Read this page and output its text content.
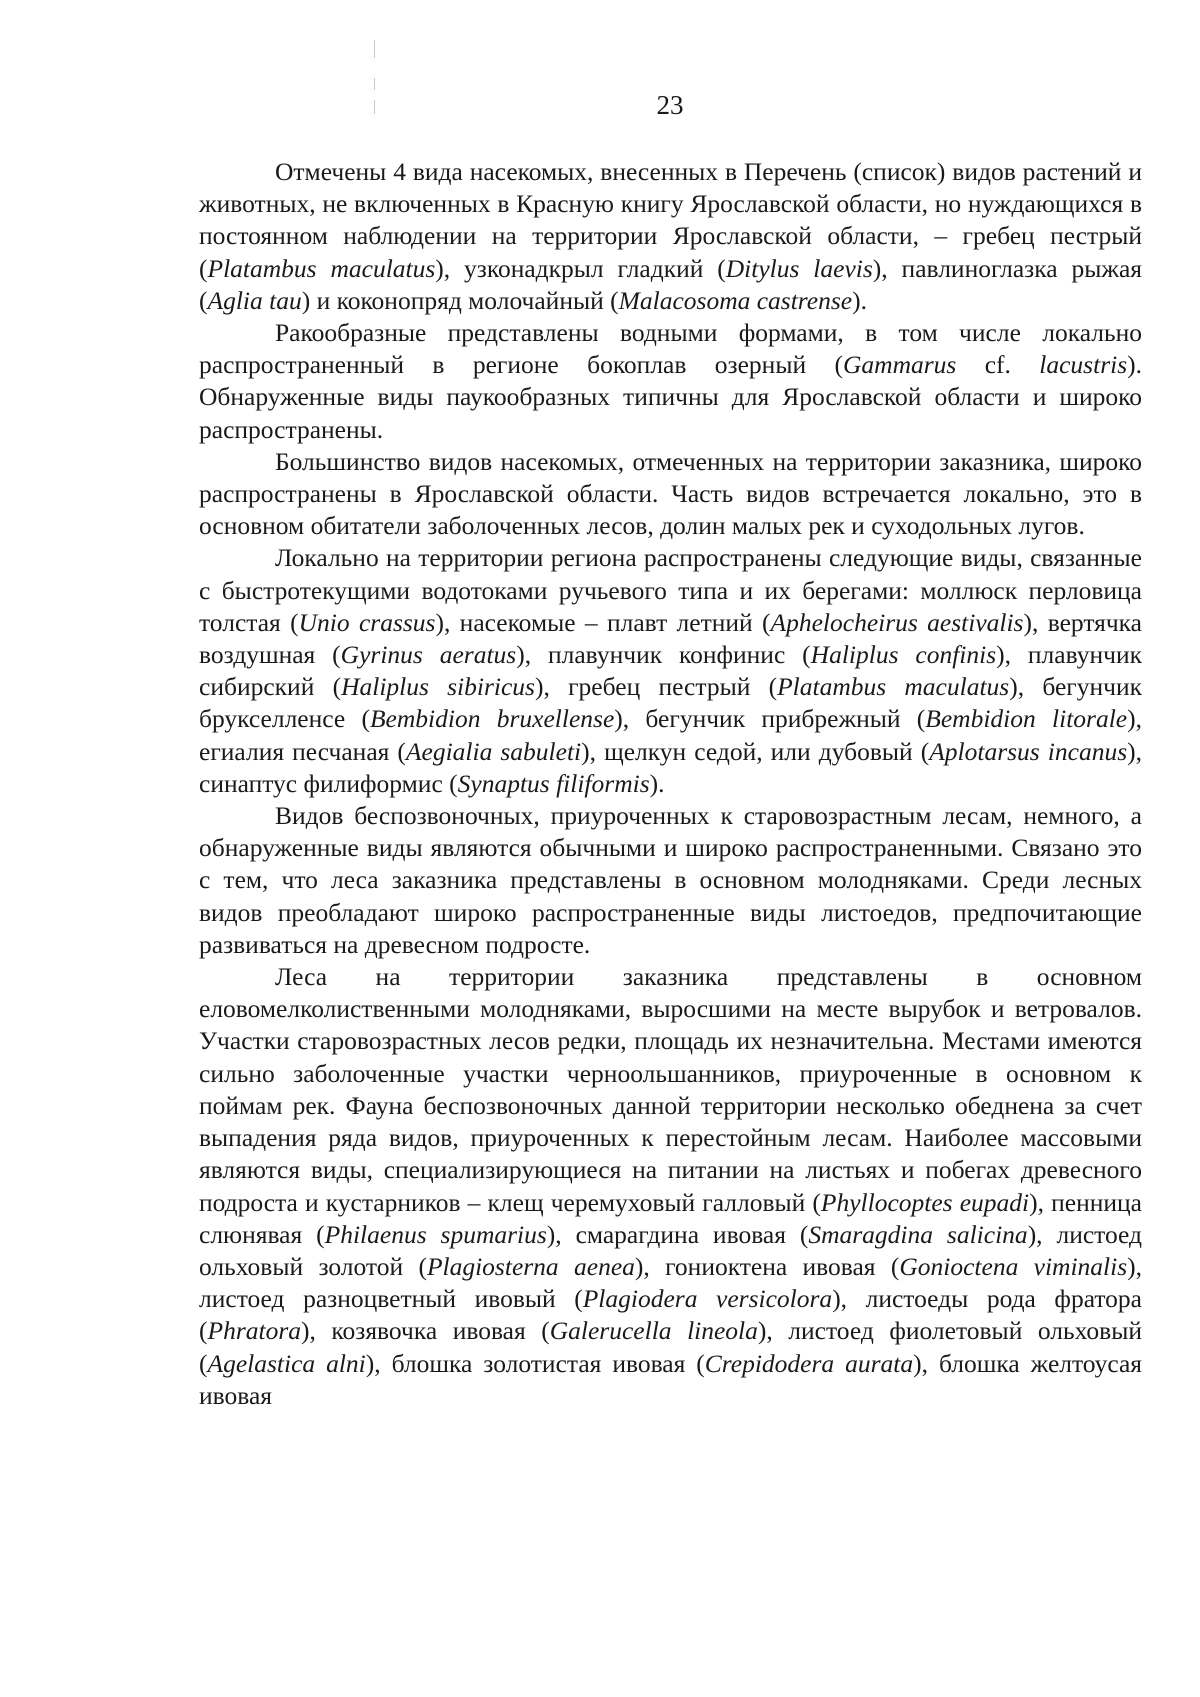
23

Отмечены 4 вида насекомых, внесенных в Перечень (список) видов растений и животных, не включенных в Красную книгу Ярославской области, но нуждающихся в постоянном наблюдении на территории Ярославской области, – гребец пестрый (Platambus maculatus), узконадкрыл гладкий (Ditylus laevis), павлиноглазка рыжая (Aglia tau) и коконопряд молочайный (Malacosoma castrense).

Ракообразные представлены водными формами, в том числе локально распространенный в регионе бокоплав озерный (Gammarus cf. lacustris). Обнаруженные виды паукообразных типичны для Ярославской области и широко распространены.

Большинство видов насекомых, отмеченных на территории заказника, широко распространены в Ярославской области. Часть видов встречается локально, это в основном обитатели заболоченных лесов, долин малых рек и суходольных лугов.

Локально на территории региона распространены следующие виды, связанные с быстротекущими водотоками ручьевого типа и их берегами: моллюск перловица толстая (Unio crassus), насекомые – плавт летний (Aphelocheirus aestivalis), вертячка воздушная (Gyrinus aeratus), плавунчик конфинис (Haliplus confinis), плавунчик сибирский (Haliplus sibiricus), гребец пестрый (Platambus maculatus), бегунчик брукселленсе (Bembidion bruxellense), бегунчик прибрежный (Bembidion litorale), егиалия песчаная (Aegialia sabuleti), щелкун седой, или дубовый (Aplotarsus incanus), синаптус филиформис (Synaptus filiformis).

Видов беспозвоночных, приуроченных к старовозрастным лесам, немного, а обнаруженные виды являются обычными и широко распространенными. Связано это с тем, что леса заказника представлены в основном молодняками. Среди лесных видов преобладают широко распространенные виды листоедов, предпочитающие развиваться на древесном подросте.

Леса на территории заказника представлены в основном еловомелколиственными молодняками, выросшими на месте вырубок и ветровалов. Участки старовозрастных лесов редки, площадь их незначительна. Местами имеются сильно заболоченные участки черноольшанников, приуроченные в основном к поймам рек. Фауна беспозвоночных данной территории несколько обеднена за счет выпадения ряда видов, приуроченных к перестойным лесам. Наиболее массовыми являются виды, специализирующиеся на питании на листьях и побегах древесного подроста и кустарников – клещ черемуховый галловый (Phyllocoptes eupadi), пенница слюнявая (Philaenus spumarius), смарагдина ивовая (Smaragdina salicina), листоед ольховый золотой (Plagiosterna aenea), гониоктена ивовая (Gonioctena viminalis), листоед разноцветный ивовый (Plagiodera versicolora), листоеды рода фратора (Phratora), козявочка ивовая (Galerucella lineola), листоед фиолетовый ольховый (Agelastica alni), блошка золотистая ивовая (Crepidodera aurata), блошка желтоусая ивовая
